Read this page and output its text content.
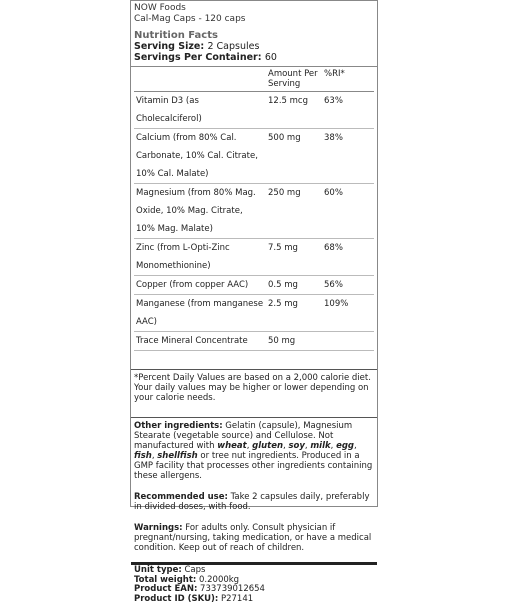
NOW Foods
Cal-Mag Caps - 120 caps
Nutrition Facts
Serving Size: 2 Capsules
Servings Per Container: 60
	Amount Per Serving	%RI*
Vitamin D3 (as Cholecalciferol)	12.5 mcg	63%
Calcium (from 80% Cal. Carbonate, 10% Cal. Citrate, 10% Cal. Malate)	500 mg	38%
Magnesium (from 80% Mag. Oxide, 10% Mag. Citrate, 10% Mag. Malate)	250 mg	60%
Zinc (from L-Opti-Zinc Monomethionine)	7.5 mg	68%
Copper (from copper AAC)	0.5 mg	56%
Manganese (from manganese AAC)	2.5 mg	109%
Trace Mineral Concentrate	50 mg	
*Percent Daily Values are based on a 2,000 calorie diet. Your daily values may be higher or lower depending on your calorie needs.
Other ingredients: Gelatin (capsule), Magnesium Stearate (vegetable source) and Cellulose. Not manufactured with wheat, gluten, soy, milk, egg, fish, shellfish or tree nut ingredients. Produced in a GMP facility that processes other ingredients containing these allergens.
Recommended use: Take 2 capsules daily, preferably in divided doses, with food.
Warnings: For adults only. Consult physician if pregnant/nursing, taking medication, or have a medical condition. Keep out of reach of children.
Unit type: Caps
Total weight: 0.2000kg
Product EAN: 733739012654
Product ID (SKU): P27141
